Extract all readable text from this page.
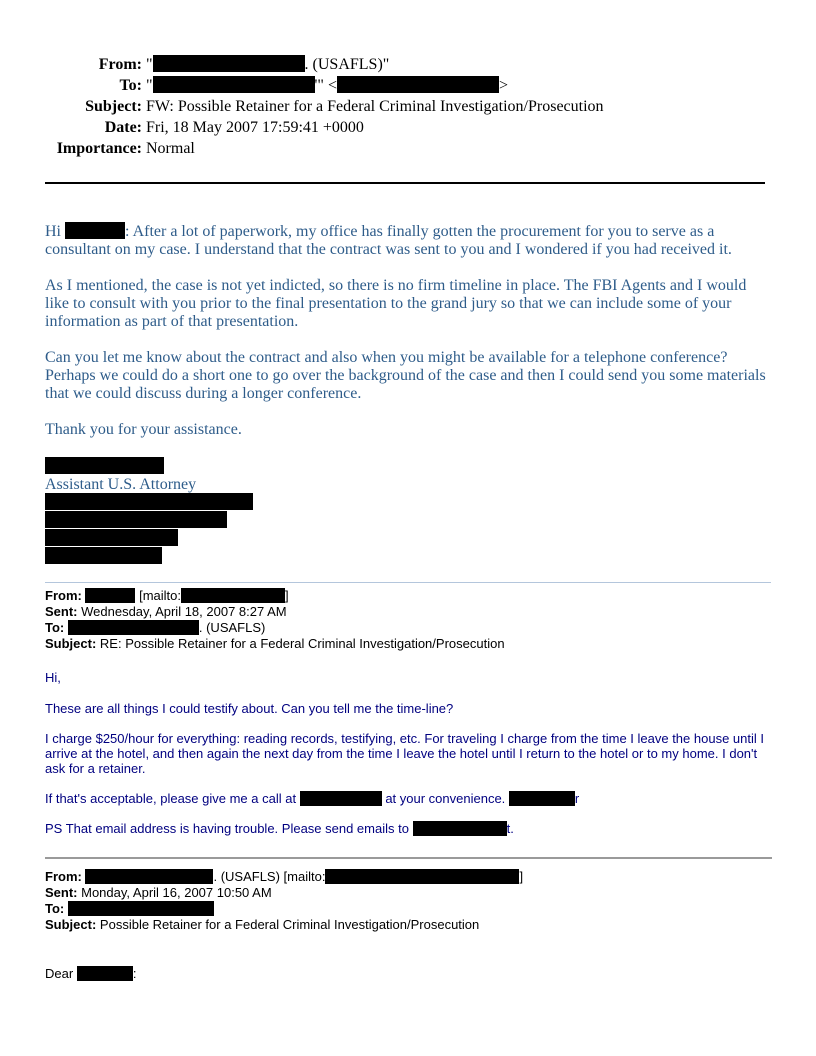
From: "	. (USAFLS)"
To: "	'" <	>
Subject: FW: Possible Retainer for a Federal Criminal Investigation/Prosecution
Date: Fri, 18 May 2007 17:59:41 +0000
Importance: Normal

Hi	: After a lot of paperwork, my office has finally gotten the procurement for you to serve as a consultant on my case. I understand that the contract was sent to you and I wondered if you had received it.

As I mentioned, the case is not yet indicted, so there is no firm timeline in place. The FBI Agents and I would like to consult with you prior to the final presentation to the grand jury so that we can include some of your information as part of that presentation.

Can you let me know about the contract and also when you might be available for a telephone conference? Perhaps we could do a short one to go over the background of the case and then I could send you some materials that we could discuss during a longer conference.

Thank you for your assistance.

Assistant U.S. Attorney
From:	[mailto:	]
Sent: Wednesday, April 18, 2007 8:27 AM
To:	. (USAFLS)
Subject: RE: Possible Retainer for a Federal Criminal Investigation/Prosecution
Hi,
These are all things I could testify about. Can you tell me the time-line?
I charge $250/hour for everything: reading records, testifying, etc. For traveling I charge from the time I leave the house until I arrive at the hotel, and then again the next day from the time I leave the hotel until I return to the hotel or to my home. I don't ask for a retainer.
If that's acceptable, please give me a call at	at your convenience.	r
PS That email address is having trouble. Please send emails to	t.
From:	. (USAFLS) [mailto:	]
Sent: Monday, April 16, 2007 10:50 AM
To:
Subject: Possible Retainer for a Federal Criminal Investigation/Prosecution
Dear	:
